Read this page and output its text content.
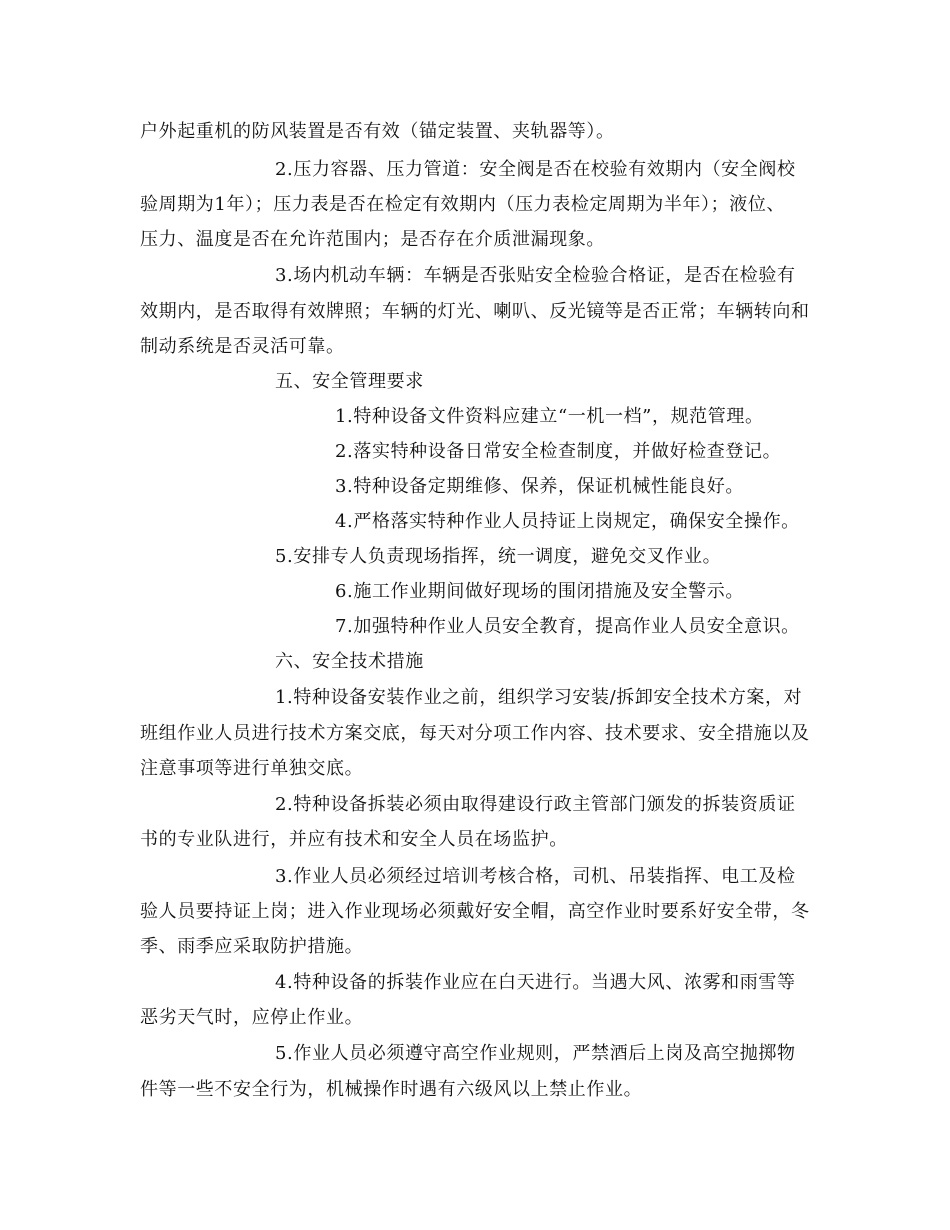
户外起重机的防风装置是否有效（锚定装置、夹轨器等）。
2.压力容器、压力管道：安全阀是否在校验有效期内（安全阀校
验周期为1年）；压力表是否在检定有效期内（压力表检定周期为半年）；液位、
压力、温度是否在允许范围内；是否存在介质泄漏现象。
3.场内机动车辆：车辆是否张贴安全检验合格证，是否在检验有
效期内，是否取得有效牌照；车辆的灯光、喇叭、反光镜等是否正常；车辆转向和
制动系统是否灵活可靠。
五、安全管理要求
1.特种设备文件资料应建立“一机一档”，规范管理。
2.落实特种设备日常安全检查制度，并做好检查登记。
3.特种设备定期维修、保养，保证机械性能良好。
4.严格落实特种作业人员持证上岗规定，确保安全操作。
5.安排专人负责现场指挥，统一调度，避免交叉作业。
6.施工作业期间做好现场的围闭措施及安全警示。
7.加强特种作业人员安全教育，提高作业人员安全意识。
六、安全技术措施
1.特种设备安装作业之前，组织学习安装/拆卸安全技术方案，对
班组作业人员进行技术方案交底，每天对分项工作内容、技术要求、安全措施以及
注意事项等进行单独交底。
2.特种设备拆装必须由取得建设行政主管部门颁发的拆装资质证
书的专业队进行，并应有技术和安全人员在场监护。
3.作业人员必须经过培训考核合格，司机、吊装指挥、电工及检
验人员要持证上岗；进入作业现场必须戴好安全帽，高空作业时要系好安全带，冬
季、雨季应采取防护措施。
4.特种设备的拆装作业应在白天进行。当遇大风、浓雾和雨雪等
恶劣天气时，应停止作业。
5.作业人员必须遵守高空作业规则，严禁酒后上岗及高空抛掷物
件等一些不安全行为，机械操作时遇有六级风以上禁止作业。
